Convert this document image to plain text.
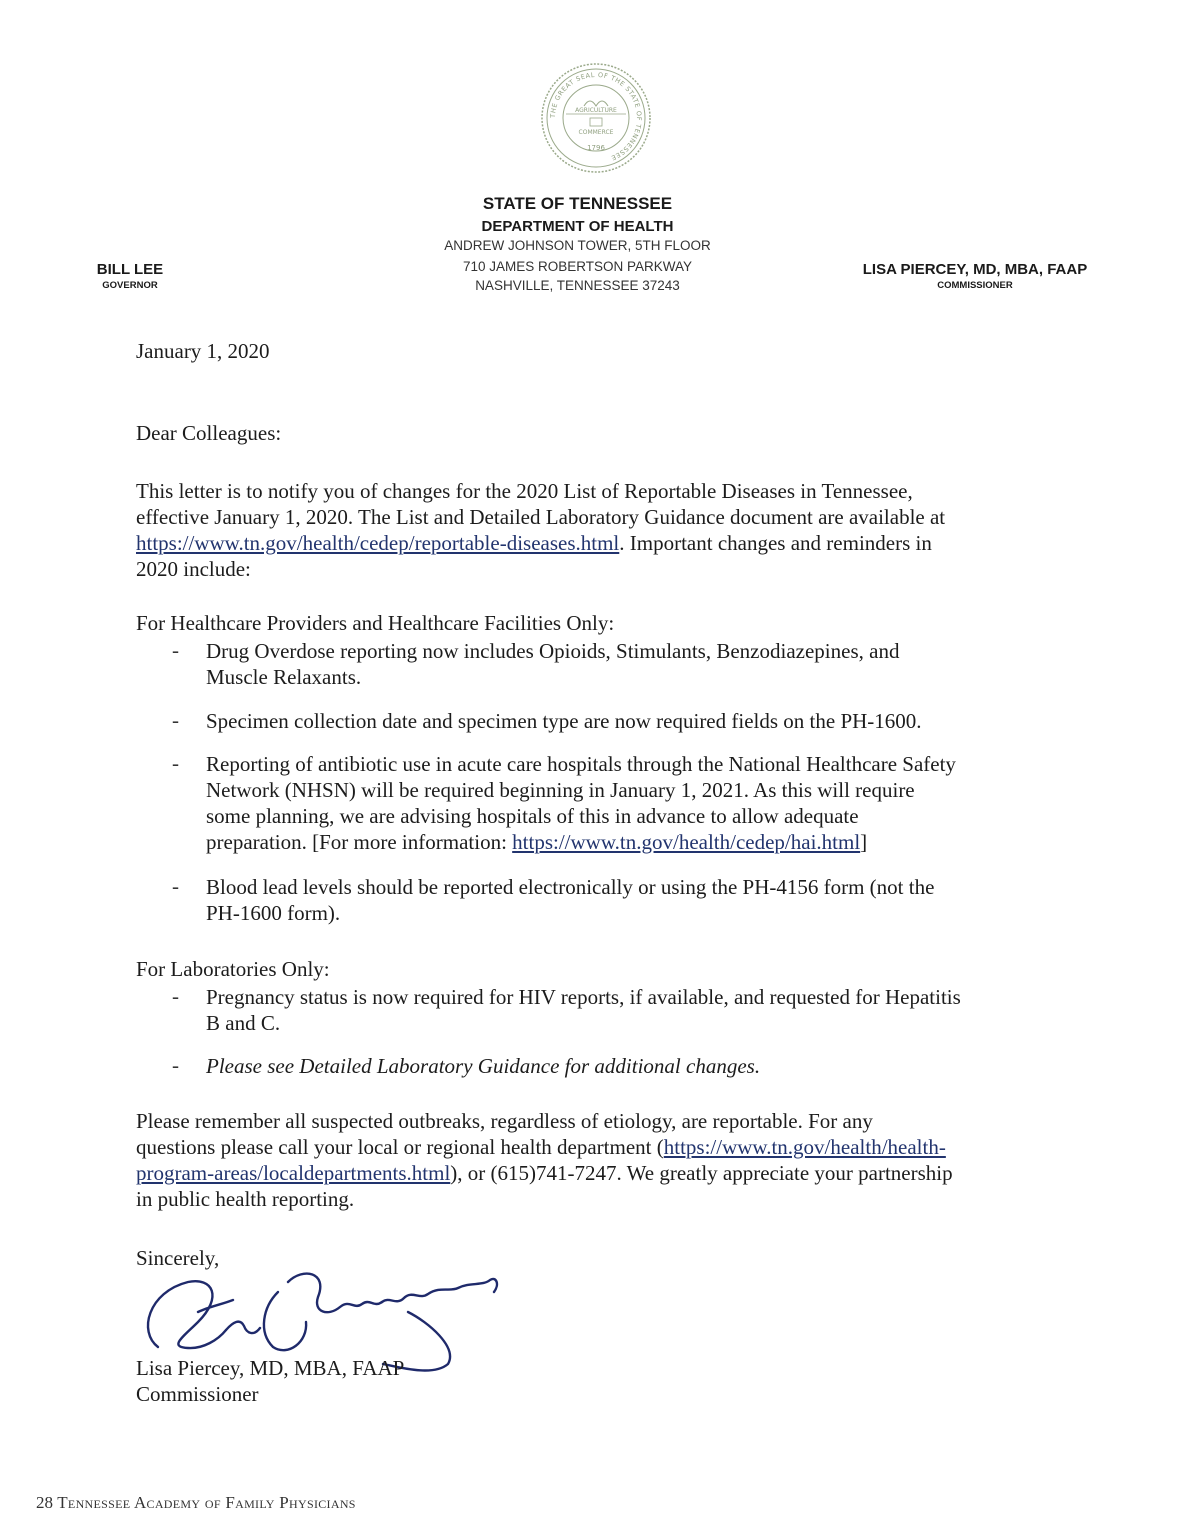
THE GREAT SEAL OF THE STATE OF TENNESSEE
AGRICULTURE
COMMERCE
1796
STATE OF TENNESSEE
DEPARTMENT OF HEALTH
ANDREW JOHNSON TOWER, 5TH FLOOR
710 JAMES ROBERTSON PARKWAY
NASHVILLE, TENNESSEE 37243
BILL LEE
GOVERNOR
LISA PIERCEY, MD, MBA, FAAP
COMMISSIONER
January 1, 2020
Dear Colleagues:
This letter is to notify you of changes for the 2020 List of Reportable Diseases in Tennessee,
effective January 1, 2020. The List and Detailed Laboratory Guidance document are available at
https://www.tn.gov/health/cedep/reportable-diseases.html. Important changes and reminders in
2020 include:
For Healthcare Providers and Healthcare Facilities Only:
- Drug Overdose reporting now includes Opioids, Stimulants, Benzodiazepines, and
Muscle Relaxants.
- Specimen collection date and specimen type are now required fields on the PH-1600.
- Reporting of antibiotic use in acute care hospitals through the National Healthcare Safety
Network (NHSN) will be required beginning in January 1, 2021. As this will require
some planning, we are advising hospitals of this in advance to allow adequate
preparation. [For more information: https://www.tn.gov/health/cedep/hai.html]
- Blood lead levels should be reported electronically or using the PH-4156 form (not the
PH-1600 form).
For Laboratories Only:
- Pregnancy status is now required for HIV reports, if available, and requested for Hepatitis
B and C.
- Please see Detailed Laboratory Guidance for additional changes.
Please remember all suspected outbreaks, regardless of etiology, are reportable. For any
questions please call your local or regional health department (https://www.tn.gov/health/health-
program-areas/localdepartments.html), or (615)741-7247. We greatly appreciate your partnership
in public health reporting.
Sincerely,
Lisa Piercey, MD, MBA, FAAP
Commissioner
28 Tennessee Academy of Family Physicians
